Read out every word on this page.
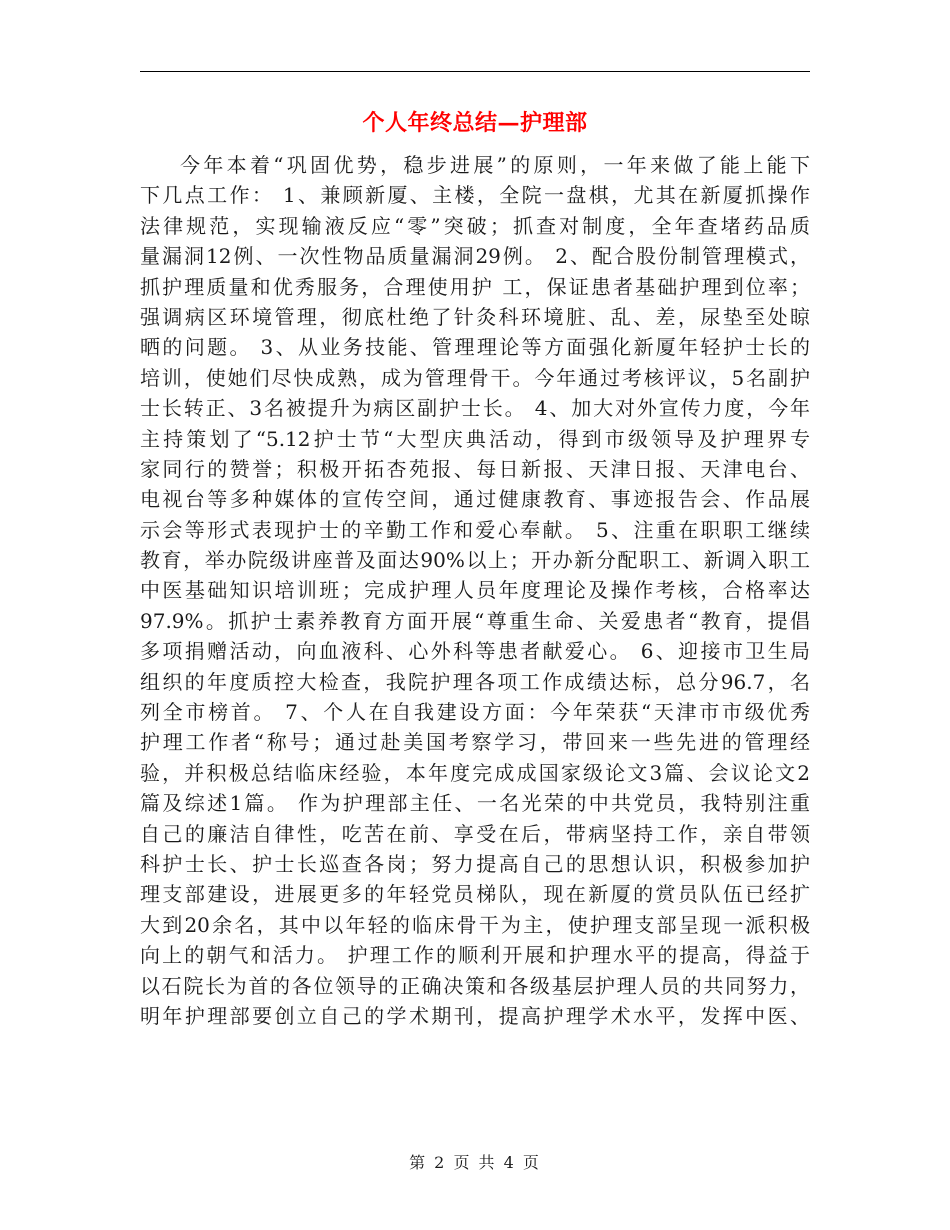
个人年终总结—护理部
今年本着“巩固优势，稳步进展”的原则，一年来做了能上能下
下几点工作： 1、兼顾新厦、主楼，全院一盘棋，尤其在新厦抓操作
法律规范，实现输液反应“零”突破；抓查对制度，全年查堵药品质
量漏洞12例、一次性物品质量漏洞29例。 2、配合股份制管理模式，
抓护理质量和优秀服务，合理使用护 工，保证患者基础护理到位率；
强调病区环境管理，彻底杜绝了针灸科环境脏、乱、差，尿垫至处晾
晒的问题。 3、从业务技能、管理理论等方面强化新厦年轻护士长的
培训，使她们尽快成熟，成为管理骨干。今年通过考核评议，5名副护
士长转正、3名被提升为病区副护士长。 4、加大对外宣传力度，今年
主持策划了“5.12护士节“大型庆典活动，得到市级领导及护理界专
家同行的赞誉；积极开拓杏苑报、每日新报、天津日报、天津电台、
电视台等多种媒体的宣传空间，通过健康教育、事迹报告会、作品展
示会等形式表现护士的辛勤工作和爱心奉献。 5、注重在职职工继续
教育，举办院级讲座普及面达90%以上；开办新分配职工、新调入职工
中医基础知识培训班；完成护理人员年度理论及操作考核，合格率达
97.9%。抓护士素养教育方面开展“尊重生命、关爱患者“教育，提倡
多项捐赠活动，向血液科、心外科等患者献爱心。 6、迎接市卫生局
组织的年度质控大检查，我院护理各项工作成绩达标，总分96.7，名
列全市榜首。 7、个人在自我建设方面：今年荣获“天津市市级优秀
护理工作者“称号；通过赴美国考察学习，带回来一些先进的管理经
验，并积极总结临床经验，本年度完成成国家级论文3篇、会议论文2
篇及综述1篇。 作为护理部主任、一名光荣的中共党员，我特别注重
自己的廉洁自律性，吃苦在前、享受在后，带病坚持工作，亲自带领
科护士长、护士长巡查各岗；努力提高自己的思想认识，积极参加护
理支部建设，进展更多的年轻党员梯队，现在新厦的赏员队伍已经扩
大到20余名，其中以年轻的临床骨干为主，使护理支部呈现一派积极
向上的朝气和活力。 护理工作的顺利开展和护理水平的提高，得益于
以石院长为首的各位领导的正确决策和各级基层护理人员的共同努力，
明年护理部要创立自己的学术期刊，提高护理学术水平，发挥中医、
第 2 页 共 4 页
